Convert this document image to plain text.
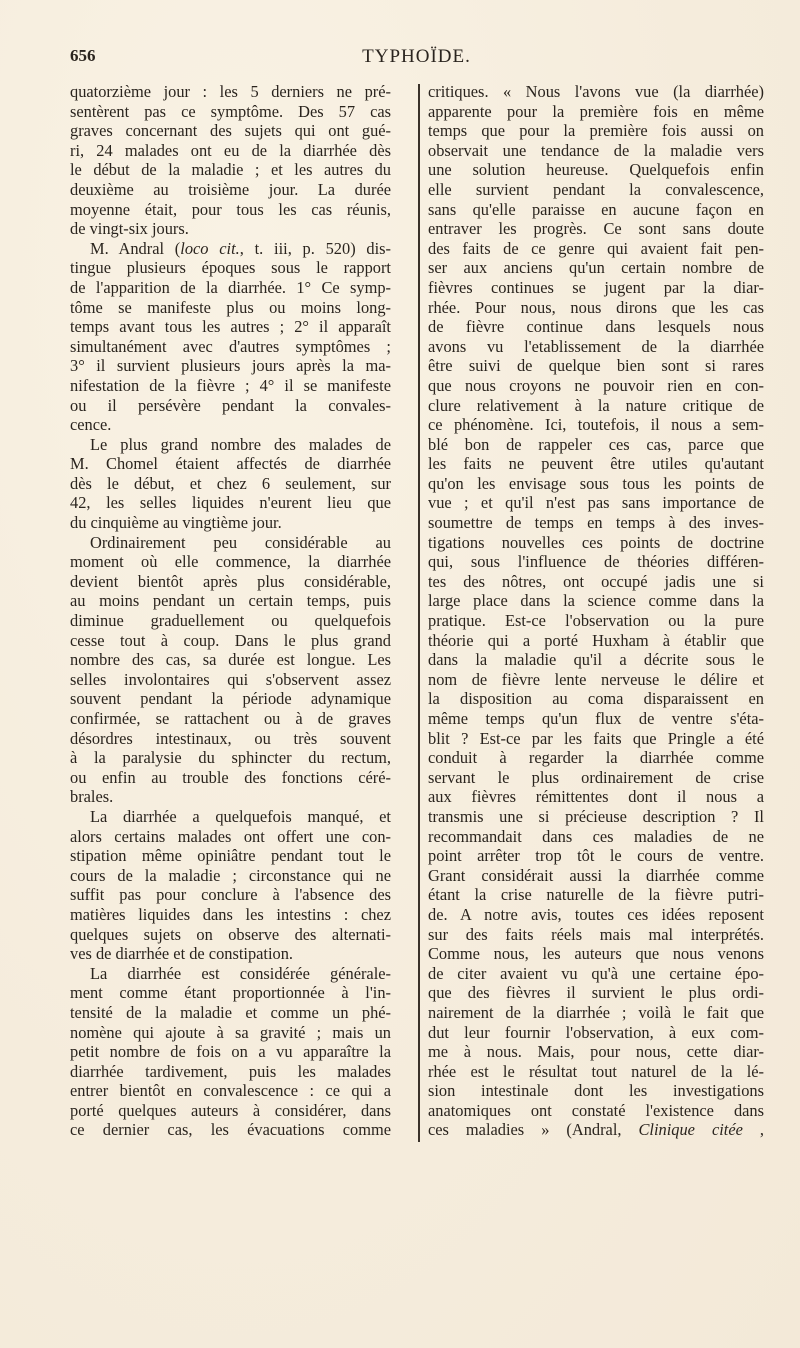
656	TYPHOÏDE.
quatorzième jour : les 5 derniers ne pré-
sentèrent pas ce symptôme. Des 57 cas
graves concernant des sujets qui ont gué-
ri, 24 malades ont eu de la diarrhée dès
le début de la maladie ; et les autres du
deuxième au troisième jour. La durée
moyenne était, pour tous les cas réunis,
de vingt-six jours.
M. Andral (loco cit., t. iii, p. 520) dis-
tingue plusieurs époques sous le rapport
de l'apparition de la diarrhée. 1° Ce symp-
tôme se manifeste plus ou moins long-
temps avant tous les autres ; 2° il apparaît
simultanément avec d'autres symptômes ;
3° il survient plusieurs jours après la ma-
nifestation de la fièvre ; 4° il se manifeste
ou il persévère pendant la convales-
cence.
Le plus grand nombre des malades de
M. Chomel étaient affectés de diarrhée
dès le début, et chez 6 seulement, sur
42, les selles liquides n'eurent lieu que
du cinquième au vingtième jour.
Ordinairement peu considérable au
moment où elle commence, la diarrhée
devient bientôt après plus considérable,
au moins pendant un certain temps, puis
diminue graduellement ou quelquefois
cesse tout à coup. Dans le plus grand
nombre des cas, sa durée est longue. Les
selles involontaires qui s'observent assez
souvent pendant la période adynamique
confirmée, se rattachent ou à de graves
désordres intestinaux, ou très souvent
à la paralysie du sphincter du rectum,
ou enfin au trouble des fonctions céré-
brales.
La diarrhée a quelquefois manqué, et
alors certains malades ont offert une con-
stipation même opiniâtre pendant tout le
cours de la maladie ; circonstance qui ne
suffit pas pour conclure à l'absence des
matières liquides dans les intestins : chez
quelques sujets on observe des alternati-
ves de diarrhée et de constipation.
La diarrhée est considérée générale-
ment comme étant proportionnée à l'in-
tensité de la maladie et comme un phé-
nomène qui ajoute à sa gravité ; mais un
petit nombre de fois on a vu apparaître la
diarrhée tardivement, puis les malades
entrer bientôt en convalescence : ce qui a
porté quelques auteurs à considérer, dans
ce dernier cas, les évacuations comme
critiques. « Nous l'avons vue (la diarrhée)
apparente pour la première fois en même
temps que pour la première fois aussi on
observait une tendance de la maladie vers
une solution heureuse. Quelquefois enfin
elle survient pendant la convalescence,
sans qu'elle paraisse en aucune façon en
entraver les progrès. Ce sont sans doute
des faits de ce genre qui avaient fait pen-
ser aux anciens qu'un certain nombre de
fièvres continues se jugent par la diar-
rhée. Pour nous, nous dirons que les cas
de fièvre continue dans lesquels nous
avons vu l'etablissement de la diarrhée
être suivi de quelque bien sont si rares
que nous croyons ne pouvoir rien en con-
clure relativement à la nature critique de
ce phénomène. Ici, toutefois, il nous a sem-
blé bon de rappeler ces cas, parce que
les faits ne peuvent être utiles qu'autant
qu'on les envisage sous tous les points de
vue ; et qu'il n'est pas sans importance de
soumettre de temps en temps à des inves-
tigations nouvelles ces points de doctrine
qui, sous l'influence de théories différen-
tes des nôtres, ont occupé jadis une si
large place dans la science comme dans la
pratique. Est-ce l'observation ou la pure
théorie qui a porté Huxham à établir que
dans la maladie qu'il a décrite sous le
nom de fièvre lente nerveuse le délire et
la disposition au coma disparaissent en
même temps qu'un flux de ventre s'éta-
blit ? Est-ce par les faits que Pringle a été
conduit à regarder la diarrhée comme
servant le plus ordinairement de crise
aux fièvres rémittentes dont il nous a
transmis une si précieuse description ? Il
recommandait dans ces maladies de ne
point arrêter trop tôt le cours de ventre.
Grant considérait aussi la diarrhée comme
étant la crise naturelle de la fièvre putri-
de. A notre avis, toutes ces idées reposent
sur des faits réels mais mal interprétés.
Comme nous, les auteurs que nous venons
de citer avaient vu qu'à une certaine épo-
que des fièvres il survient le plus ordi-
nairement de la diarrhée ; voilà le fait que
dut leur fournir l'observation, à eux com-
me à nous. Mais, pour nous, cette diar-
rhée est le résultat tout naturel de la lé-
sion intestinale dont les investigations
anatomiques ont constaté l'existence dans
ces maladies » (Andral, Clinique citée ,
